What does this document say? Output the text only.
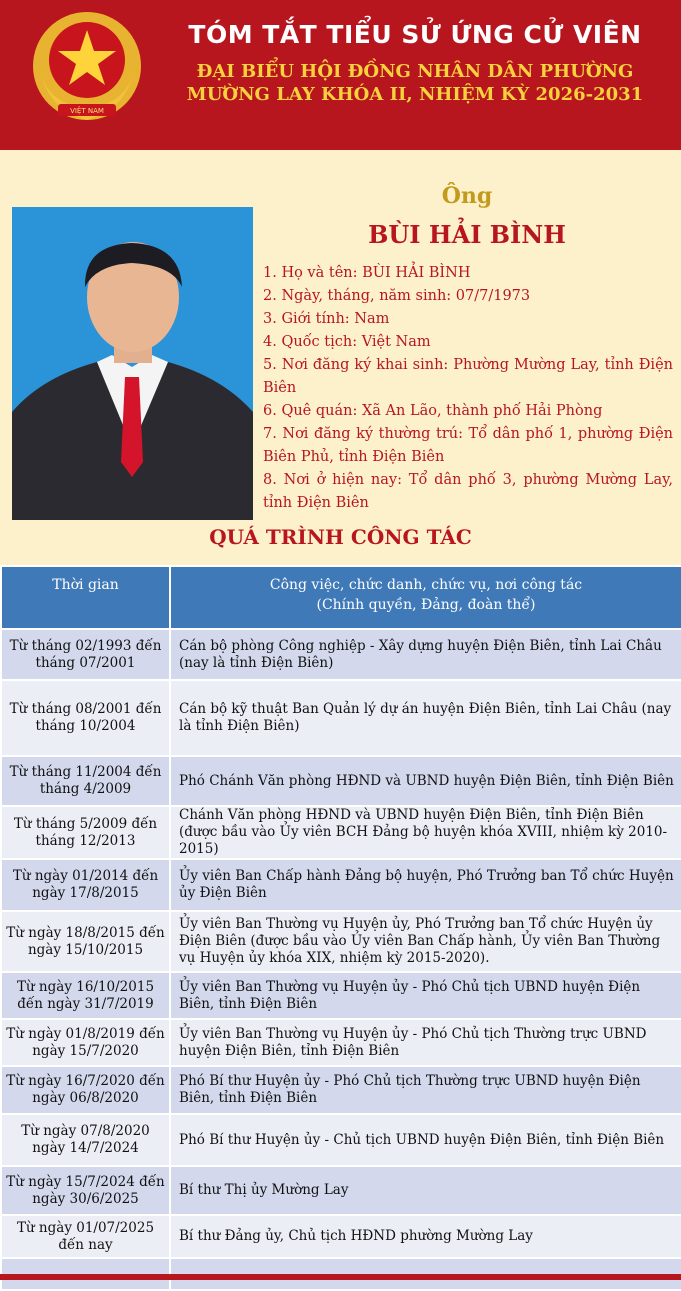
VIỆT NAM
TÓM TẮT TIỂU SỬ ỨNG CỬ VIÊN
ĐẠI BIỂU HỘI ĐỒNG NHÂN DÂN PHƯỜNG
MƯỜNG LAY KHÓA II, NHIỆM KỲ 2026-2031
Ông
BÙI HẢI BÌNH
1. Họ và tên: BÙI HẢI BÌNH
2. Ngày, tháng, năm sinh: 07/7/1973
3. Giới tính: Nam
4. Quốc tịch: Việt Nam
5. Nơi đăng ký khai sinh: Phường Mường Lay, tỉnh Điện Biên
6. Quê quán: Xã An Lão, thành phố Hải Phòng
7. Nơi đăng ký thường trú: Tổ dân phố 1, phường Điện Biên Phủ, tỉnh Điện Biên
8. Nơi ở hiện nay: Tổ dân phố 3, phường Mường Lay, tỉnh Điện Biên
QUÁ TRÌNH CÔNG TÁC
Thời gian	Công việc, chức danh, chức vụ, nơi công tác
(Chính quyền, Đảng, đoàn thể)

Từ tháng 02/1993 đến tháng 07/2001	Cán bộ phòng Công nghiệp - Xây dựng huyện Điện Biên, tỉnh Lai Châu (nay là tỉnh Điện Biên)
Từ tháng 08/2001 đến tháng 10/2004	Cán bộ kỹ thuật Ban Quản lý dự án huyện Điện Biên, tỉnh Lai Châu (nay là tỉnh Điện Biên)
Từ tháng 11/2004 đến tháng 4/2009	Phó Chánh Văn phòng HĐND và UBND huyện Điện Biên, tỉnh Điện Biên
Từ tháng 5/2009 đến tháng 12/2013	Chánh Văn phòng HĐND và UBND huyện Điện Biên, tỉnh Điện Biên (được bầu vào Ủy viên BCH Đảng bộ huyện khóa XVIII, nhiệm kỳ 2010-2015)
Từ ngày 01/2014 đến ngày 17/8/2015	Ủy viên Ban Chấp hành Đảng bộ huyện, Phó Trưởng ban Tổ chức Huyện ủy Điện Biên
Từ ngày 18/8/2015 đến ngày 15/10/2015	Ủy viên Ban Thường vụ Huyện ủy, Phó Trưởng ban Tổ chức Huyện ủy Điện Biên (được bầu vào Ủy viên Ban Chấp hành, Ủy viên Ban Thường vụ Huyện ủy khóa XIX, nhiệm kỳ 2015-2020).
Từ ngày 16/10/2015 đến ngày 31/7/2019	Ủy viên Ban Thường vụ Huyện ủy - Phó Chủ tịch UBND huyện Điện Biên, tỉnh Điện Biên
Từ ngày 01/8/2019 đến ngày 15/7/2020	Ủy viên Ban Thường vụ Huyện ủy - Phó Chủ tịch Thường trực UBND huyện Điện Biên, tỉnh Điện Biên
Từ ngày 16/7/2020 đến ngày 06/8/2020	Phó Bí thư Huyện ủy - Phó Chủ tịch Thường trực UBND huyện Điện Biên, tỉnh Điện Biên
Từ ngày 07/8/2020 ngày 14/7/2024	Phó Bí thư Huyện ủy - Chủ tịch UBND huyện Điện Biên, tỉnh Điện Biên
Từ ngày 15/7/2024 đến ngày 30/6/2025	Bí thư Thị ủy Mường Lay
Từ ngày 01/07/2025 đến nay	Bí thư Đảng ủy, Chủ tịch HĐND phường Mường Lay
